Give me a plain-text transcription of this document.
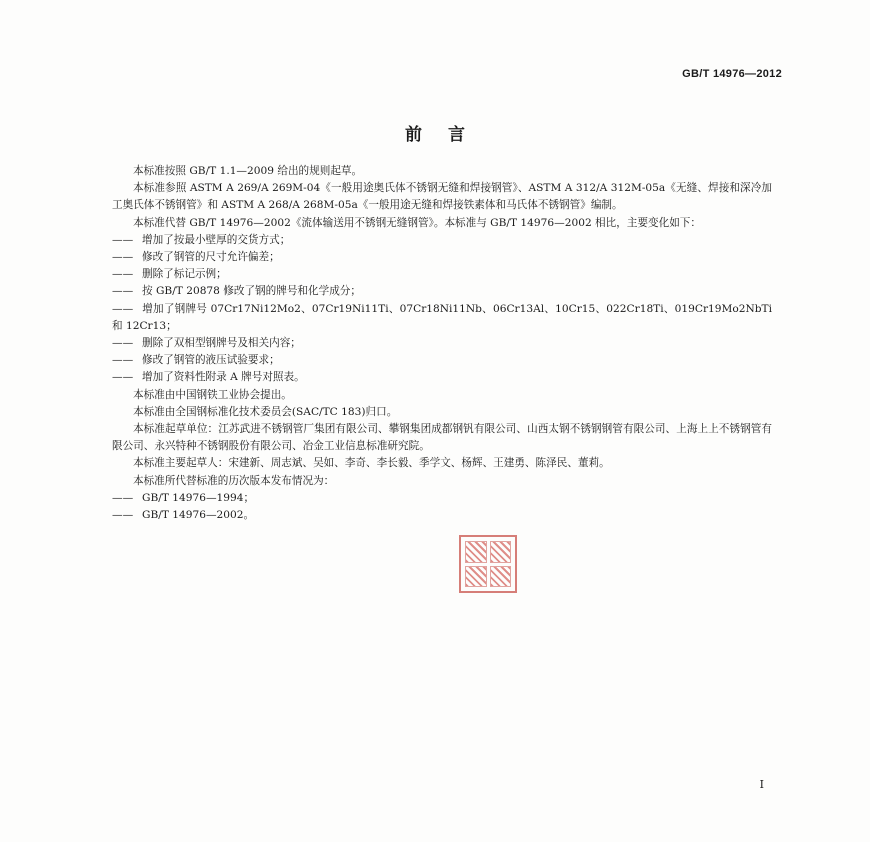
GB/T 14976—2012
前言

本标准按照 GB/T 1.1—2009 给出的规则起草。

本标准参照 ASTM A 269/A 269M-04《一般用途奥氏体不锈钢无缝和焊接钢管》、ASTM A 312/A 312M-05a《无缝、焊接和深冷加工奥氏体不锈钢管》和 ASTM A 268/A 268M-05a《一般用途无缝和焊接铁素体和马氏体不锈钢管》编制。

本标准代替 GB/T 14976—2002《流体输送用不锈钢无缝钢管》。本标准与 GB/T 14976—2002 相比，主要变化如下：

—— 增加了按最小壁厚的交货方式；

—— 修改了钢管的尺寸允许偏差；

—— 删除了标记示例；

—— 按 GB/T 20878 修改了钢的牌号和化学成分；

—— 增加了钢牌号 07Cr17Ni12Mo2、07Cr19Ni11Ti、07Cr18Ni11Nb、06Cr13Al、10Cr15、022Cr18Ti、019Cr19Mo2NbTi 和 12Cr13；

—— 删除了双相型钢牌号及相关内容；

—— 修改了钢管的液压试验要求；

—— 增加了资料性附录 A 牌号对照表。

本标准由中国钢铁工业协会提出。

本标准由全国钢标准化技术委员会(SAC/TC 183)归口。

本标准起草单位：江苏武进不锈钢管厂集团有限公司、攀钢集团成都钢钒有限公司、山西太钢不锈钢钢管有限公司、上海上上不锈钢管有限公司、永兴特种不锈钢股份有限公司、冶金工业信息标准研究院。

本标准主要起草人：宋建新、周志斌、吴如、李奇、李长毅、季学文、杨辉、王建勇、陈泽民、董莉。

本标准所代替标准的历次版本发布情况为：

—— GB/T 14976—1994；

—— GB/T 14976—2002。

I
